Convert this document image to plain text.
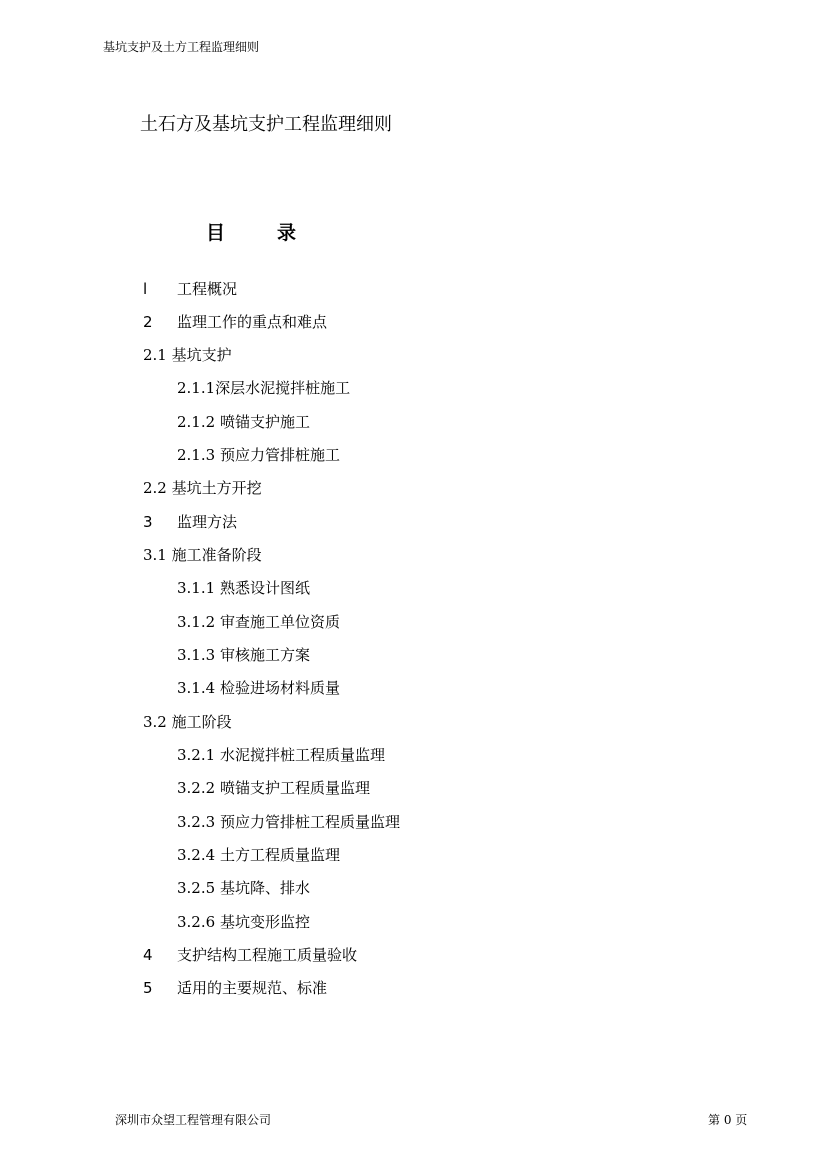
基坑支护及土方工程监理细则
土石方及基坑支护工程监理细则
目	录
l 工程概况
2 监理工作的重点和难点
2.1 基坑支护
2.1.1深层水泥搅拌桩施工
2.1.2 喷锚支护施工
2.1.3 预应力管排桩施工
2.2 基坑土方开挖
3 监理方法
3.1 施工准备阶段
3.1.1 熟悉设计图纸
3.1.2 审查施工单位资质
3.1.3 审核施工方案
3.1.4 检验进场材料质量
3.2 施工阶段
3.2.1 水泥搅拌桩工程质量监理
3.2.2 喷锚支护工程质量监理
3.2.3 预应力管排桩工程质量监理
3.2.4 土方工程质量监理
3.2.5 基坑降、排水
3.2.6 基坑变形监控
4 支护结构工程施工质量验收
5 适用的主要规范、标准
深圳市众望工程管理有限公司	第 0 页
